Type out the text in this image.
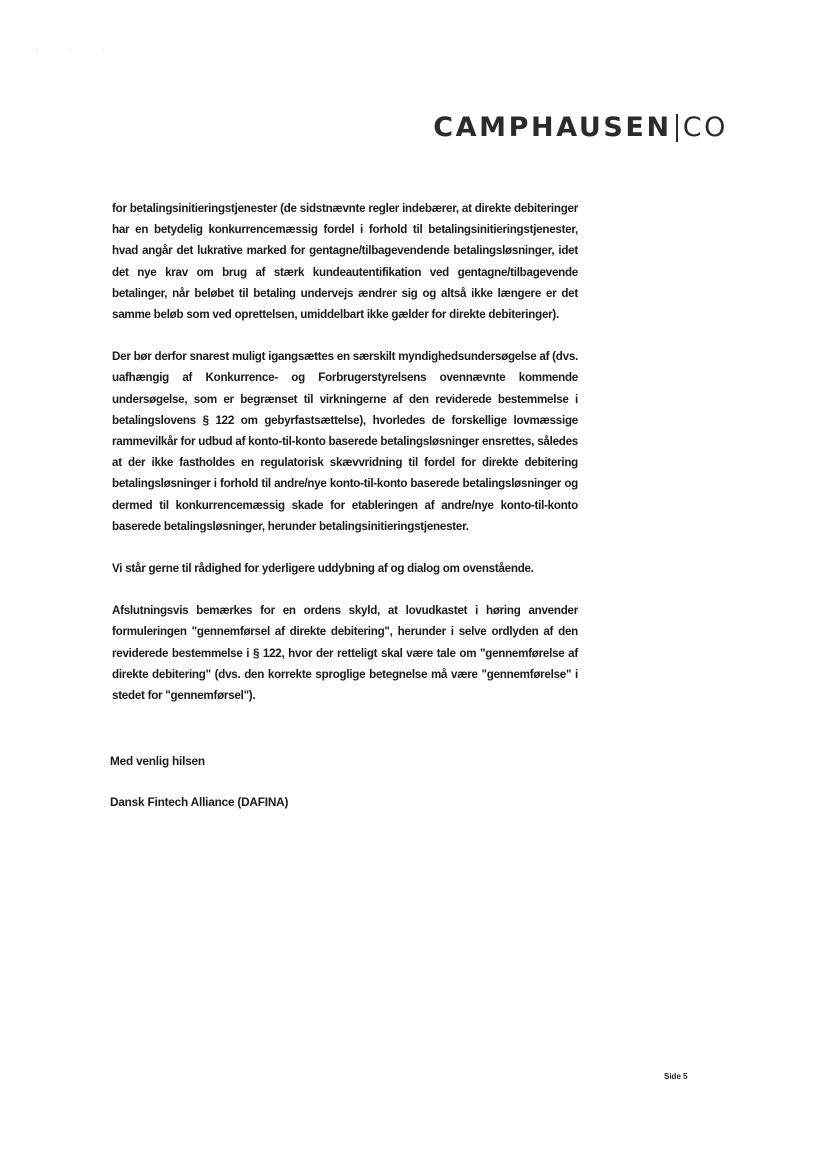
· · ·
CAMPHAUSEN CO

for betalingsinitieringstjenester (de sidstnævnte regler indebærer, at direkte debiteringer har en betydelig konkurrencemæssig fordel i forhold til betalingsinitieringstjenester, hvad angår det lukrative marked for gentagne/tilbagevendende betalingsløsninger, idet det nye krav om brug af stærk kundeautentifikation ved gentagne/tilbagevende betalinger, når beløbet til betaling undervejs ændrer sig og altså ikke længere er det samme beløb som ved oprettelsen, umiddelbart ikke gælder for direkte debiteringer).

Der bør derfor snarest muligt igangsættes en særskilt myndighedsundersøgelse af (dvs. uafhængig af Konkurrence- og Forbrugerstyrelsens ovennævnte kommende undersøgelse, som er begrænset til virkningerne af den reviderede bestemmelse i betalingslovens § 122 om gebyrfastsættelse), hvorledes de forskellige lovmæssige rammevilkår for udbud af konto-til-konto baserede betalingsløsninger ensrettes, således at der ikke fastholdes en regulatorisk skævvridning til fordel for direkte debitering betalingsløsninger i forhold til andre/nye konto-til-konto baserede betalingsløsninger og dermed til konkurrencemæssig skade for etableringen af andre/nye konto-til-konto baserede betalingsløsninger, herunder betalingsinitieringstjenester.

Vi står gerne til rådighed for yderligere uddybning af og dialog om ovenstående.

Afslutningsvis bemærkes for en ordens skyld, at lovudkastet i høring anvender formuleringen "gennemførsel af direkte debitering", herunder i selve ordlyden af den reviderede bestemmelse i § 122, hvor der retteligt skal være tale om "gennemførelse af direkte debitering" (dvs. den korrekte sproglige betegnelse må være "gennemførelse" i stedet for "gennemførsel").

Med venlig hilsen
Dansk Fintech Alliance (DAFINA)
Side 5
